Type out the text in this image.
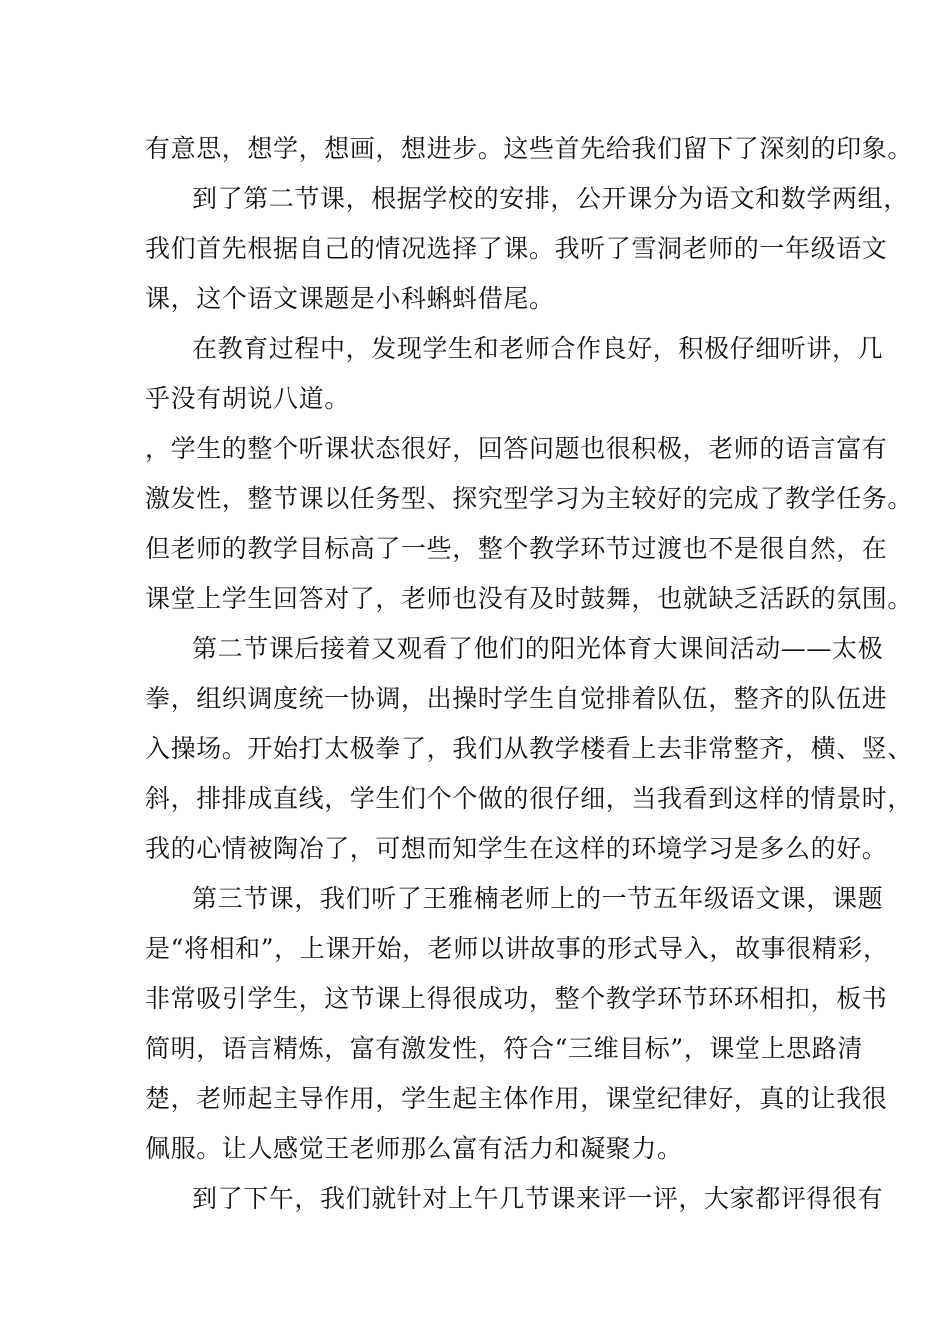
有意思，想学，想画，想进步。这些首先给我们留下了深刻的印象。
到了第二节课，根据学校的安排，公开课分为语文和数学两组，
我们首先根据自己的情况选择了课。我听了雪洞老师的一年级语文
课，这个语文课题是小科蝌蚪借尾。
在教育过程中，发现学生和老师合作良好，积极仔细听讲，几
乎没有胡说八道。
，学生的整个听课状态很好，回答问题也很积极，老师的语言富有
激发性，整节课以任务型、探究型学习为主较好的完成了教学任务。
但老师的教学目标高了一些，整个教学环节过渡也不是很自然，在
课堂上学生回答对了，老师也没有及时鼓舞，也就缺乏活跃的氛围。
第二节课后接着又观看了他们的阳光体育大课间活动——太极
拳，组织调度统一协调，出操时学生自觉排着队伍，整齐的队伍进
入操场。开始打太极拳了，我们从教学楼看上去非常整齐，横、竖、
斜，排排成直线，学生们个个做的很仔细，当我看到这样的情景时，
我的心情被陶冶了，可想而知学生在这样的环境学习是多么的好。
第三节课，我们听了王雅楠老师上的一节五年级语文课，课题
是“将相和”，上课开始，老师以讲故事的形式导入，故事很精彩，
非常吸引学生，这节课上得很成功，整个教学环节环环相扣，板书
简明，语言精炼，富有激发性，符合“三维目标”，课堂上思路清
楚，老师起主导作用，学生起主体作用，课堂纪律好，真的让我很
佩服。让人感觉王老师那么富有活力和凝聚力。
到了下午，我们就针对上午几节课来评一评，大家都评得很有
